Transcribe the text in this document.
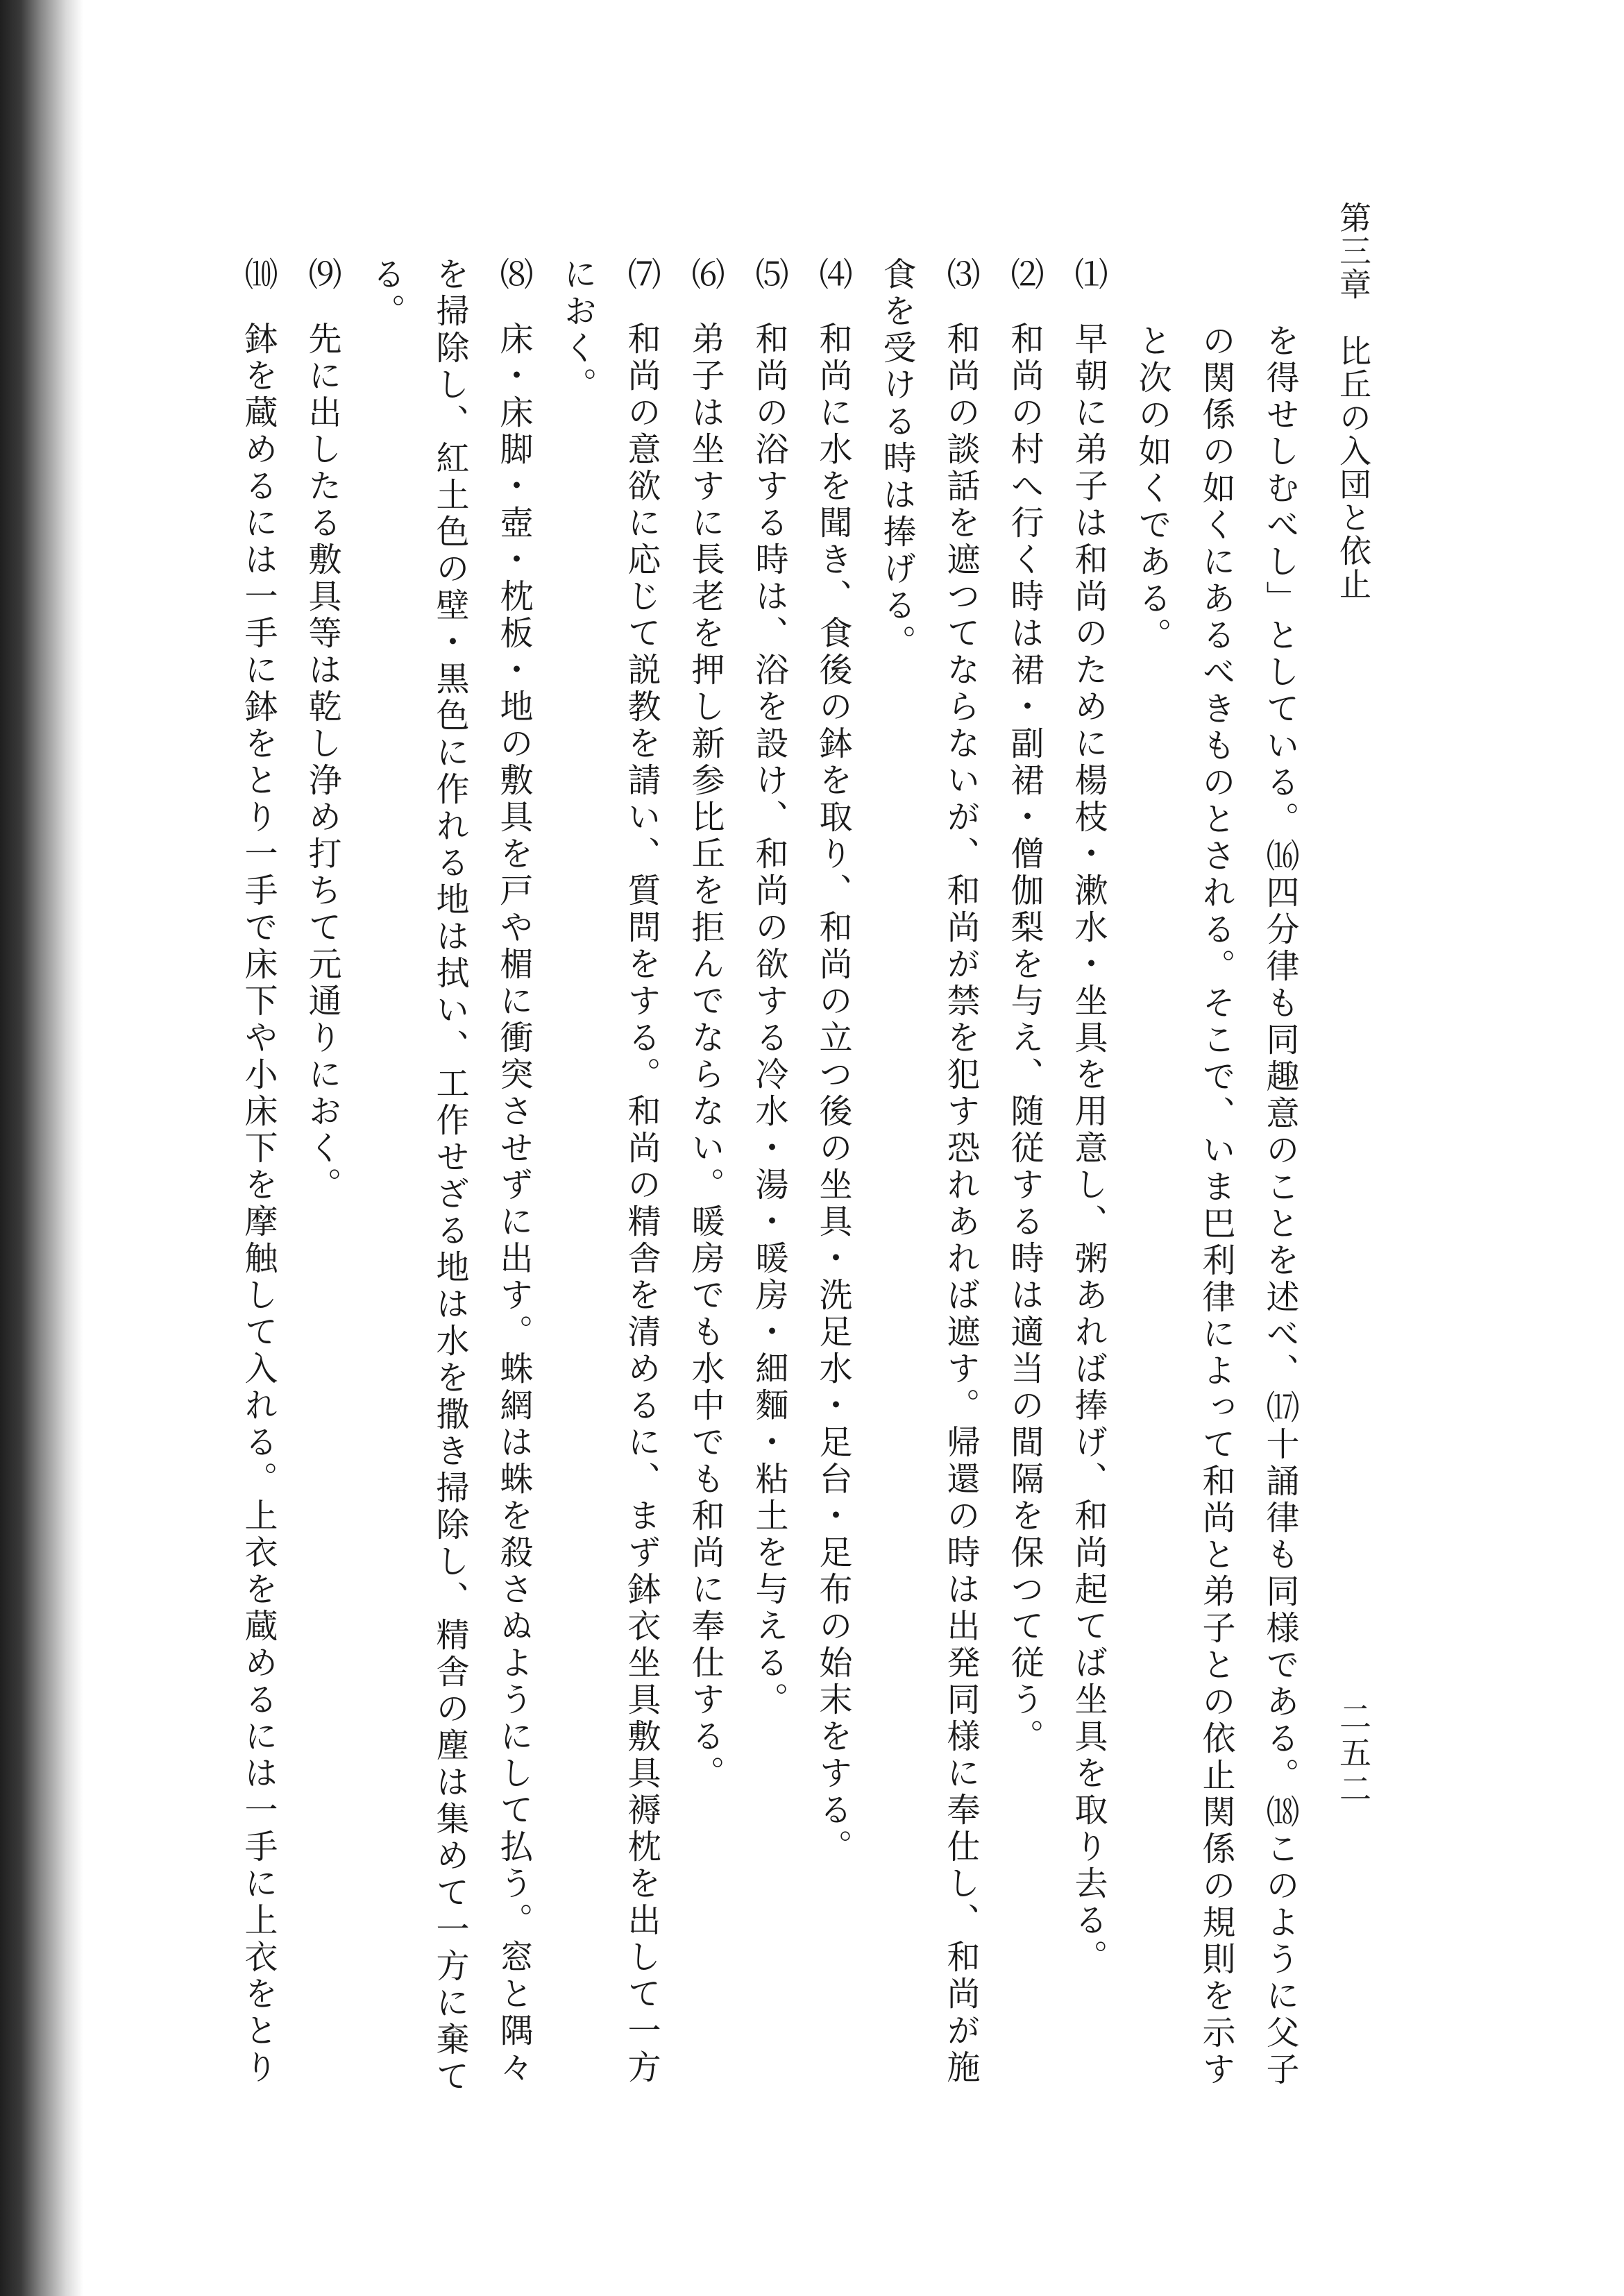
第三章　比丘の入団と依止
二五二

を得せしむべし」としている。⒃四分律も同趣意のことを述べ、⒄十誦律も同様である。⒅このように父子の関係の如くにあるべきものとされる。そこで、いま巴利律によって和尚と弟子との依止関係の規則を示すと次の如くである。

⑴早朝に弟子は和尚のために楊枝・漱水・坐具を用意し、粥あれば捧げ、和尚起てば坐具を取り去る。

⑵和尚の村へ行く時は裙・副裙・僧伽梨を与え、随従する時は適当の間隔を保つて従う。

⑶和尚の談話を遮つてならないが、和尚が禁を犯す恐れあれば遮す。帰還の時は出発同様に奉仕し、和尚が施食を受ける時は捧げる。

⑷和尚に水を聞き、食後の鉢を取り、和尚の立つ後の坐具・洗足水・足台・足布の始末をする。

⑸和尚の浴する時は、浴を設け、和尚の欲する冷水・湯・暖房・細麵・粘土を与える。

⑹弟子は坐すに長老を押し新参比丘を拒んでならない。暖房でも水中でも和尚に奉仕する。

⑺和尚の意欲に応じて説教を請い、質問をする。和尚の精舎を清めるに、まず鉢衣坐具敷具褥枕を出して一方におく。

⑻床・床脚・壺・枕板・地の敷具を戸や楣に衝突させずに出す。蛛網は蛛を殺さぬようにして払う。窓と隅々を掃除し、紅土色の壁・黒色に作れる地は拭い、工作せざる地は水を撒き掃除し、精舎の塵は集めて一方に棄てる。

⑼先に出したる敷具等は乾し浄め打ちて元通りにおく。

⑽鉢を蔵めるには一手に鉢をとり一手で床下や小床下を摩触して入れる。上衣を蔵めるには一手に上衣をとり
